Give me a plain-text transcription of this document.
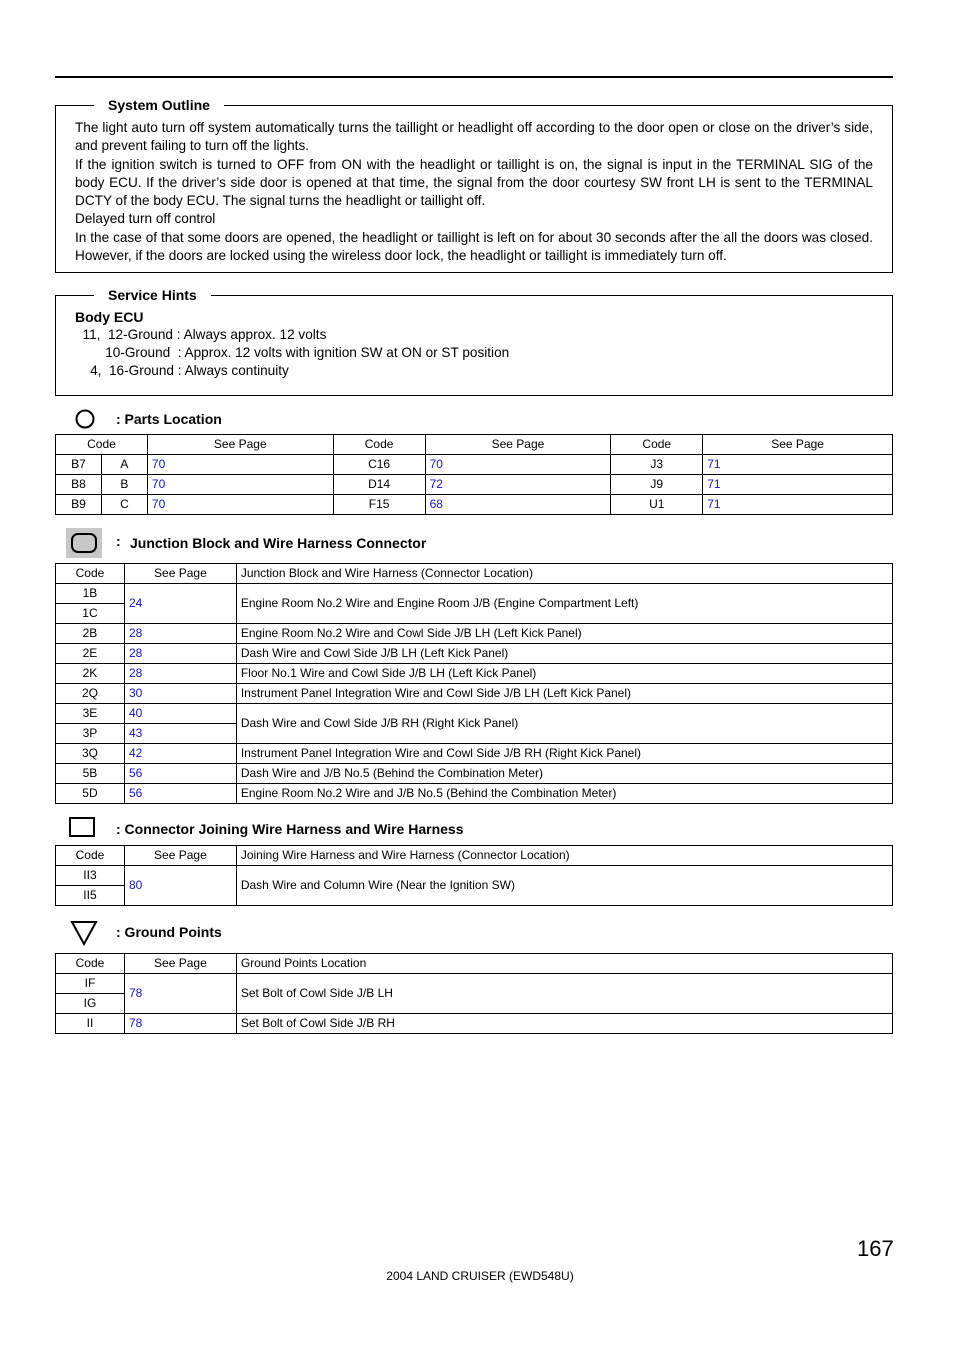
System Outline

The light auto turn off system automatically turns the taillight or headlight off according to the door open or close on the driver’s side, and prevent failing to turn off the lights.

If the ignition switch is turned to OFF from ON with the headlight or taillight is on, the signal is input in the TERMINAL SIG of the body ECU. If the driver’s side door is opened at that time, the signal from the door courtesy SW front LH is sent to the TERMINAL DCTY of the body ECU. The signal turns the headlight or taillight off.

Delayed turn off control

In the case of that some doors are opened, the headlight or taillight is left on for about 30 seconds after the all the doors was closed. However, if the doors are locked using the wireless door lock, the headlight or taillight is immediately turn off.

Service Hints
Body ECU
11,  12-Ground : Always approx. 12 volts
10-Ground  : Approx. 12 volts with ignition SW at ON or ST position
4,  16-Ground : Always continuity
: Parts Location
Code		See Page	Code	See Page	Code	See Page
B7	A	70	C16	70	J3	71
B8	B	70	D14	72	J9	71
B9	C	70	F15	68	U1	71
: Junction Block and Wire Harness Connector
Code	See Page	Junction Block and Wire Harness (Connector Location)
1B	24	Engine Room No.2 Wire and Engine Room J/B (Engine Compartment Left)
1C		
2B	28	Engine Room No.2 Wire and Cowl Side J/B LH (Left Kick Panel)
2E	28	Dash Wire and Cowl Side J/B LH (Left Kick Panel)
2K	28	Floor No.1 Wire and Cowl Side J/B LH (Left Kick Panel)
2Q	30	Instrument Panel Integration Wire and Cowl Side J/B LH (Left Kick Panel)
3E	40	Dash Wire and Cowl Side J/B RH (Right Kick Panel)
3P	43	
3Q	42	Instrument Panel Integration Wire and Cowl Side J/B RH (Right Kick Panel)
5B	56	Dash Wire and J/B No.5 (Behind the Combination Meter)
5D	56	Engine Room No.2 Wire and J/B No.5 (Behind the Combination Meter)
: Connector Joining Wire Harness and Wire Harness
Code	See Page	Joining Wire Harness and Wire Harness (Connector Location)
II3	80	Dash Wire and Column Wire (Near the Ignition SW)
II5		
: Ground Points
Code	See Page	Ground Points Location
IF	78	Set Bolt of Cowl Side J/B LH
IG		
II	78	Set Bolt of Cowl Side J/B RH
167
2004 LAND CRUISER (EWD548U)
